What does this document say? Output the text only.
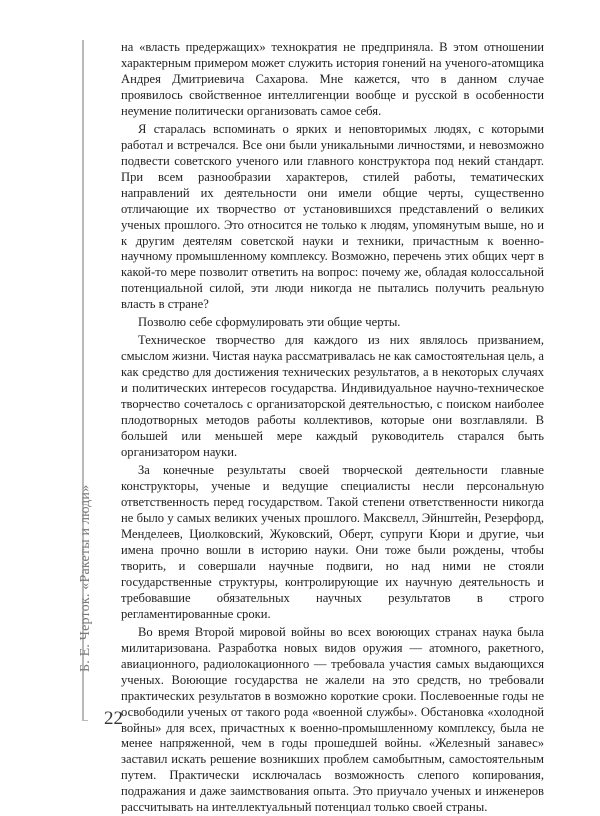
Б. Е. Черток. «Ракеты и люди»
22

на «власть предержащих» технократия не предприняла. В этом отношении характерным примером может служить история гонений на ученого-атомщика Андрея Дмитриевича Сахарова. Мне кажется, что в данном случае проявилось свойственное интеллигенции вообще и русской в особенности неумение политически организовать самое себя.

Я старалась вспоминать о ярких и неповторимых людях, с которыми работал и встречался. Все они были уникальными личностями, и невозможно подвести советского ученого или главного конструктора под некий стандарт. При всем разнообразии характеров, стилей работы, тематических направлений их деятельности они имели общие черты, существенно отличающие их творчество от установившихся представлений о великих ученых прошлого. Это относится не только к людям, упомянутым выше, но и к другим деятелям советской науки и техники, причастным к военно-научному промышленному комплексу. Возможно, перечень этих общих черт в какой-то мере позволит ответить на вопрос: почему же, обладая колоссальной потенциальной силой, эти люди никогда не пытались получить реальную власть в стране?

Позволю себе сформулировать эти общие черты.

Техническое творчество для каждого из них являлось призванием, смыслом жизни. Чистая наука рассматривалась не как самостоятельная цель, а как средство для достижения технических результатов, а в некоторых случаях и политических интересов государства. Индивидуальное научно-техническое творчество сочеталось с организаторской деятельностью, с поиском наиболее плодотворных методов работы коллективов, которые они возглавляли. В большей или меньшей мере каждый руководитель старался быть организатором науки.

За конечные результаты своей творческой деятельности главные конструкторы, ученые и ведущие специалисты несли персональную ответственность перед государством. Такой степени ответственности никогда не было у самых великих ученых прошлого. Максвелл, Эйнштейн, Резерфорд, Менделеев, Циолковский, Жуковский, Оберт, супруги Кюри и другие, чьи имена прочно вошли в историю науки. Они тоже были рождены, чтобы творить, и совершали научные подвиги, но над ними не стояли государственные структуры, контролирующие их научную деятельность и требовавшие обязательных научных результатов в строго регламентированные сроки.

Во время Второй мировой войны во всех воюющих странах наука была милитаризована. Разработка новых видов оружия — атомного, ракетного, авиационного, радиолокационного — требовала участия самых выдающихся ученых. Воюющие государства не жалели на это средств, но требовали практических результатов в возможно короткие сроки. Послевоенные годы не освободили ученых от такого рода «военной службы». Обстановка «холодной войны» для всех, причастных к военно-промышленному комплексу, была не менее напряженной, чем в годы прошедшей войны. «Железный занавес» заставил искать решение возникших проблем самобытным, самостоятельным путем. Практически исключалась возможность слепого копирования, подражания и даже заимствования опыта. Это приучало ученых и инженеров рассчитывать на интеллектуальный потенциал только своей страны.
